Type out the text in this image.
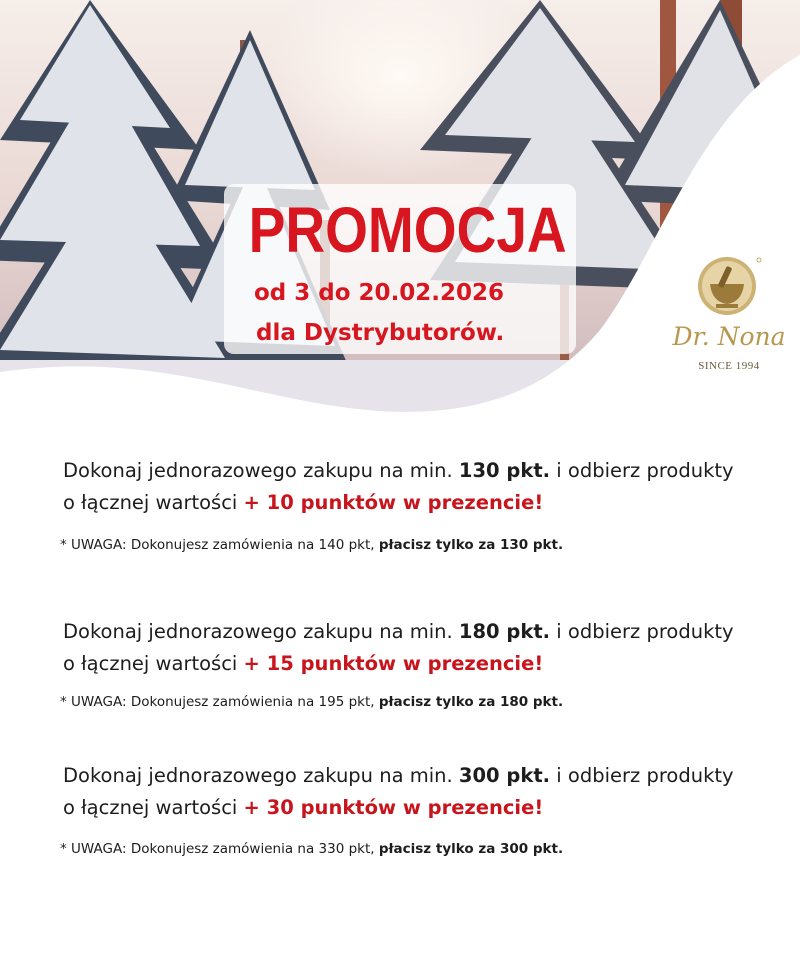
PROMOCJA
od 3 do 20.02.2026
dla Dystrybutorów.	Dr. Nona
SINCE 1994
Dokonaj jednorazowego zakupu na min. 130 pkt. i odbierz produkty
o łącznej wartości + 10 punktów w prezencie!
* UWAGA: Dokonujesz zamówienia na 140 pkt, płacisz tylko za 130 pkt.
Dokonaj jednorazowego zakupu na min. 180 pkt. i odbierz produkty
o łącznej wartości + 15 punktów w prezencie!
* UWAGA: Dokonujesz zamówienia na 195 pkt, płacisz tylko za 180 pkt.
Dokonaj jednorazowego zakupu na min. 300 pkt. i odbierz produkty
o łącznej wartości + 30 punktów w prezencie!
* UWAGA: Dokonujesz zamówienia na 330 pkt, płacisz tylko za 300 pkt.
